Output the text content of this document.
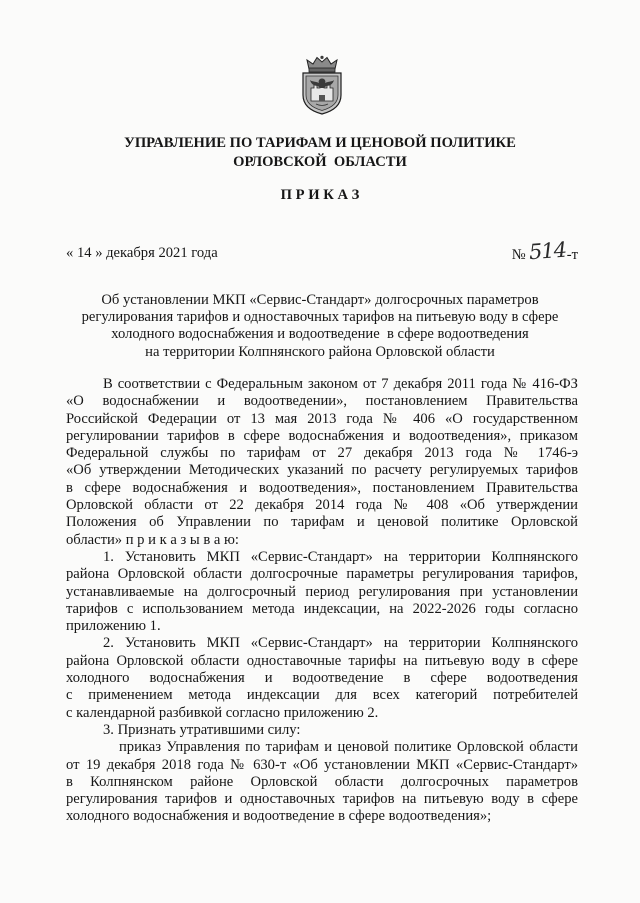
УПРАВЛЕНИЕ ПО ТАРИФАМ И ЦЕНОВОЙ ПОЛИТИКЕ
ОРЛОВСКОЙ  ОБЛАСТИ
П Р И К А З
« 14 » декабря 2021 года	№ 514-т
Об установлении МКП «Сервис-Стандарт» долгосрочных параметров
регулирования тарифов и одноставочных тарифов на питьевую воду в сфере
холодного водоснабжения и водоотведение  в сфере водоотведения
на территории Колпнянского района Орловской области
В соответствии с Федеральным законом от 7 декабря 2011 года № 416-ФЗ
«О водоснабжении и водоотведении», постановлением Правительства
Российской Федерации от 13 мая 2013 года № 406 «О государственном
регулировании тарифов в сфере водоснабжения и водоотведения», приказом
Федеральной службы по тарифам от 27 декабря 2013 года № 1746-э
«Об утверждении Методических указаний по расчету регулируемых тарифов
в сфере водоснабжения и водоотведения», постановлением Правительства
Орловской области от 22 декабря 2014 года № 408 «Об утверждении
Положения об Управлении по тарифам и ценовой политике Орловской
области» п р и к а з ы в а ю:
1. Установить МКП «Сервис-Стандарт» на территории Колпнянского
района Орловской области долгосрочные параметры регулирования тарифов,
устанавливаемые на долгосрочный период регулирования при установлении
тарифов с использованием метода индексации, на 2022-2026 годы согласно
приложению 1.
2. Установить МКП «Сервис-Стандарт» на территории Колпнянского
района Орловской области одноставочные тарифы на питьевую воду в сфере
холодного водоснабжения и водоотведение в сфере водоотведения
с применением метода индексации для всех категорий потребителей
с календарной разбивкой согласно приложению 2.
3. Признать утратившими силу:
приказ Управления по тарифам и ценовой политике Орловской области
от 19 декабря 2018 года № 630-т «Об установлении МКП «Сервис-Стандарт»
в Колпнянском районе Орловской области долгосрочных параметров
регулирования тарифов и одноставочных тарифов на питьевую воду в сфере
холодного водоснабжения и водоотведение в сфере водоотведения»;
